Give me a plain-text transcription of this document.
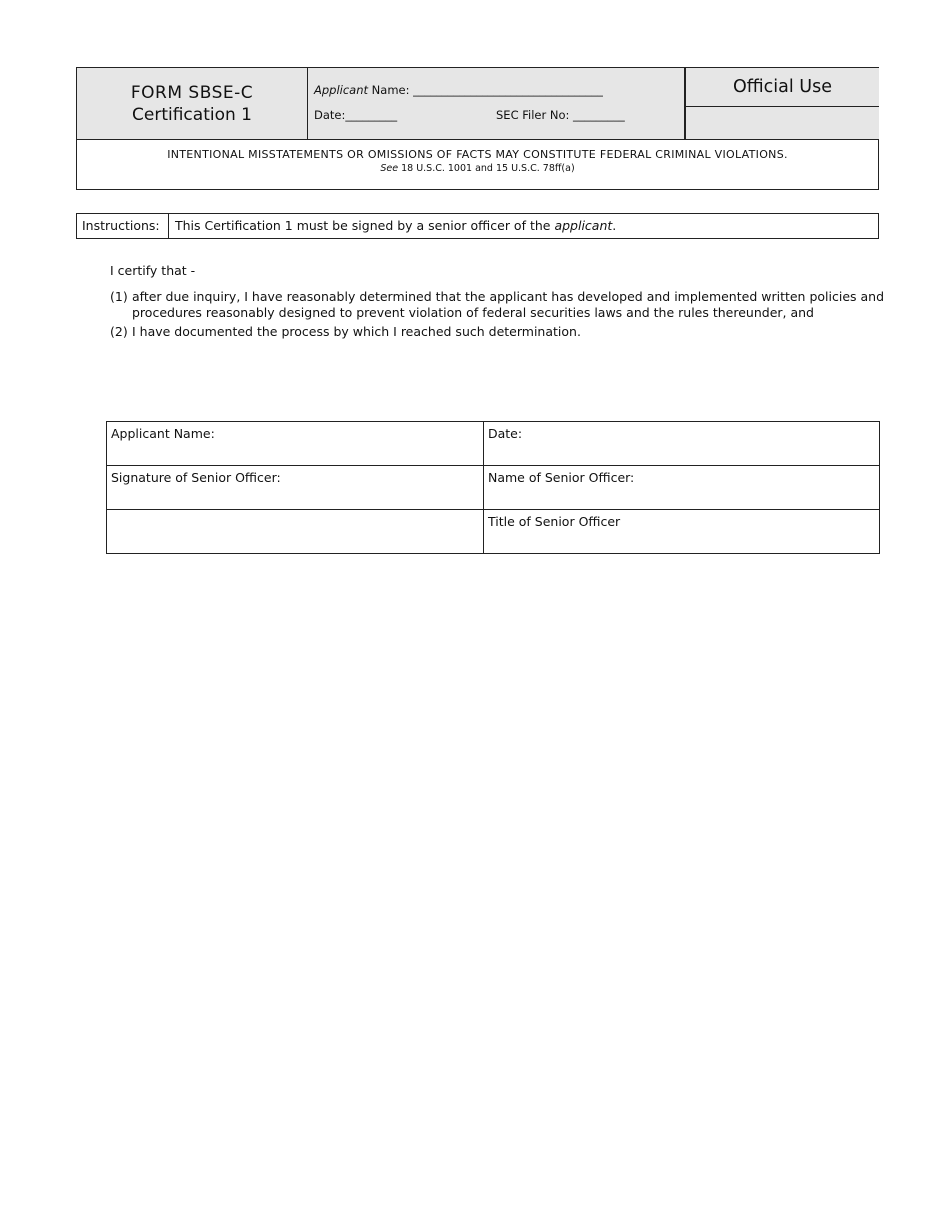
FORM SBSE-C
Certification 1
Applicant Name: _________________________________
Date:_________	SEC Filer No: _________
Official Use
INTENTIONAL MISSTATEMENTS OR OMISSIONS OF FACTS MAY CONSTITUTE FEDERAL CRIMINAL VIOLATIONS.
See 18 U.S.C. 1001 and 15 U.S.C. 78ff(a)
Instructions:	This Certification 1 must be signed by a senior officer of the applicant.
I certify that -
(1) after due inquiry, I have reasonably determined that the applicant has developed and implemented written policies and procedures reasonably designed to prevent violation of federal securities laws and the rules thereunder, and
(2) I have documented the process by which I reached such determination.
Applicant Name:	Date:
Signature of Senior Officer:	Name of Senior Officer:
	Title of Senior Officer
